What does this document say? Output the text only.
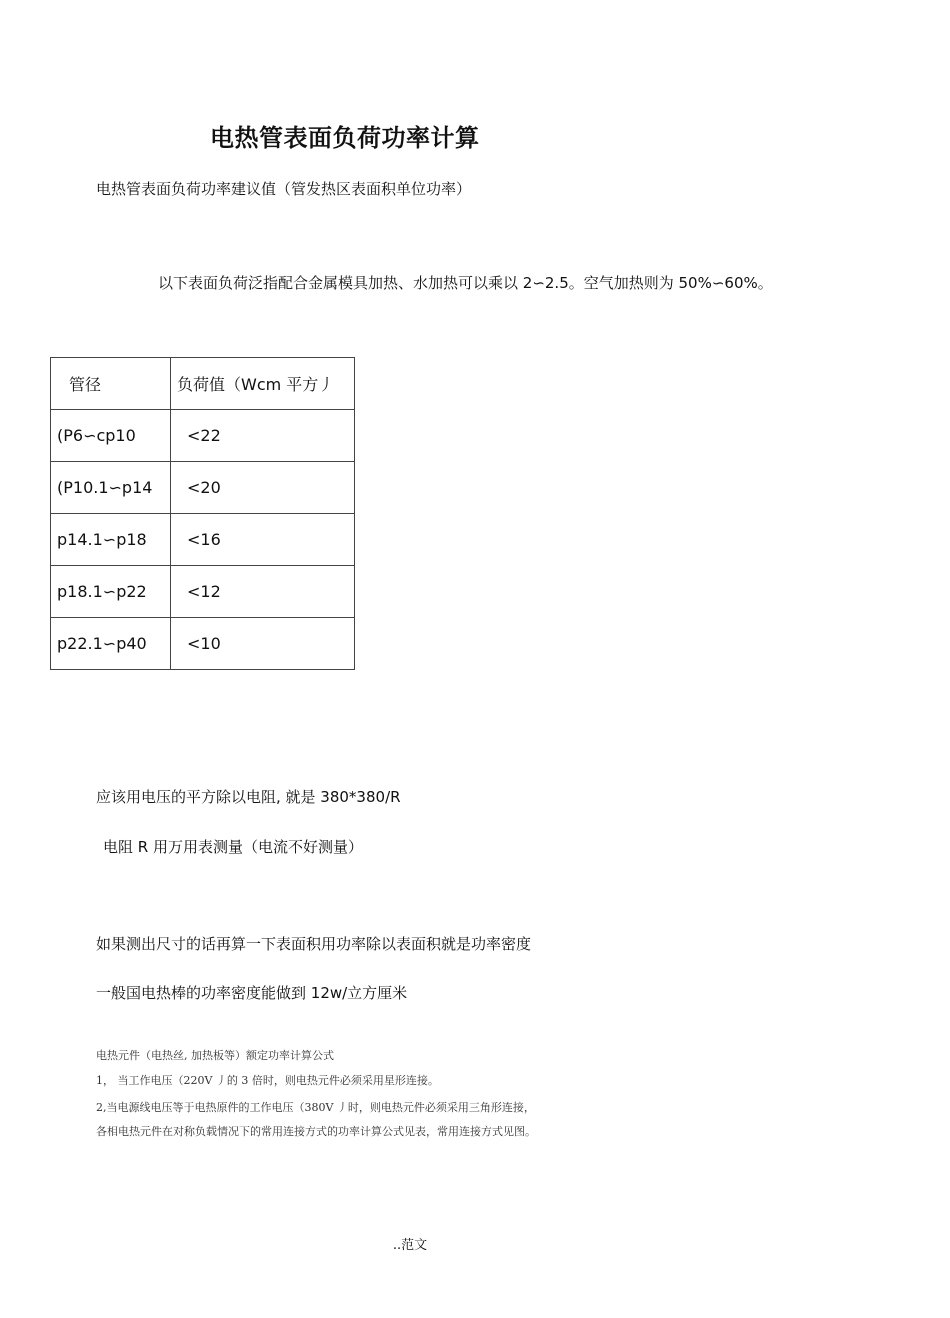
电热管表面负荷功率计算
电热管表面负荷功率建议值（管发热区表面积单位功率）
以下表面负荷泛指配合金属模具加热、水加热可以乘以 2∽2.5。空气加热则为 50%∽60%。
管径	负荷值（Wcm 平方丿
(P6∽cp10	<22
(P10.1∽p14	<20
p14.1∽p18	<16
p18.1∽p22	<12
p22.1∽p40	<10
应该用电压的平方除以电阻, 就是 380*380/R
电阻 R 用万用表测量（电流不好测量）
如果测出尺寸的话再算一下表面积用功率除以表面积就是功率密度
一般国电热棒的功率密度能做到 12w/立方厘米
电热元件（电热丝, 加热板等）额定功率计算公式
1， 当工作电压（220V 丿的 3 倍时，则电热元件必须采用星形连接。
2,当电源线电压等于电热原件的工作电压（380V 丿时，则电热元件必须采用三角形连接，
各相电热元件在对称负载情况下的常用连接方式的功率计算公式见表，常用连接方式见图。
..范文
